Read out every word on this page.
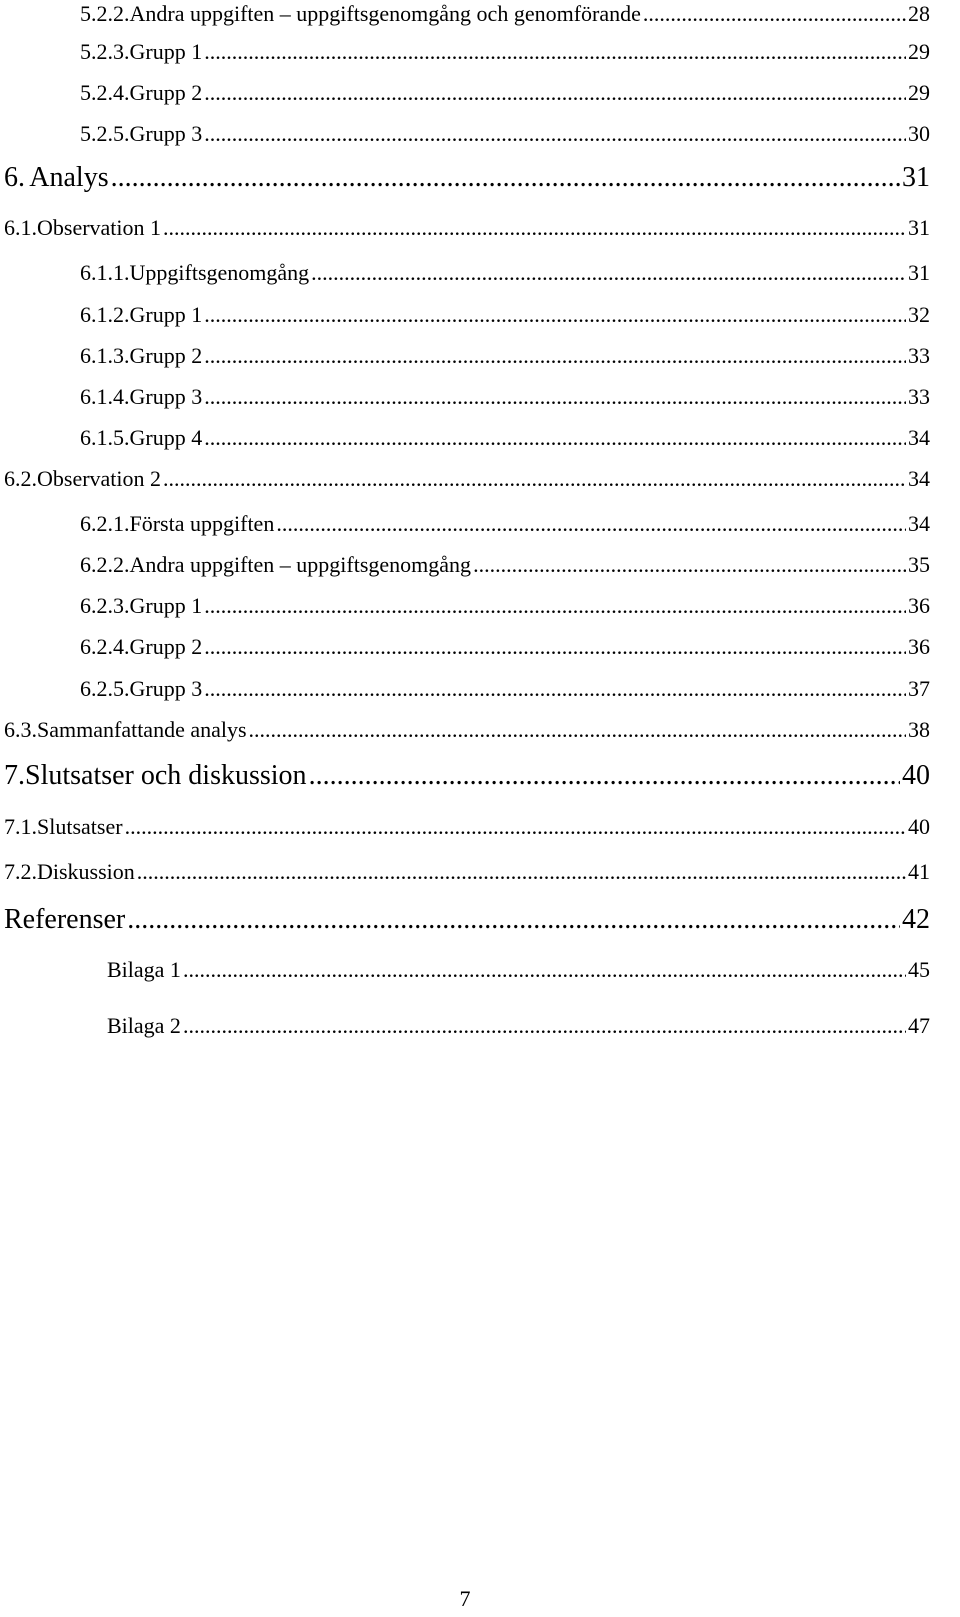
5.2.2. Andra uppgiften – uppgiftsgenomgång och genomförande .....	28
5.2.3. Grupp 1 .....	29
5.2.4. Grupp 2 .....	29
5.2.5. Grupp 3 .....	30
6. Analys .....	31
6.1. Observation 1 .....	31
6.1.1. Uppgiftsgenomgång .....	31
6.1.2. Grupp 1 .....	32
6.1.3. Grupp 2 .....	33
6.1.4. Grupp 3 .....	33
6.1.5. Grupp 4 .....	34
6.2. Observation 2 .....	34
6.2.1. Första uppgiften .....	34
6.2.2. Andra uppgiften – uppgiftsgenomgång .....	35
6.2.3. Grupp 1 .....	36
6.2.4. Grupp 2 .....	36
6.2.5. Grupp 3 .....	37
6.3. Sammanfattande analys .....	38
7. Slutsatser och diskussion .....	40
7.1. Slutsatser .....	40
7.2. Diskussion .....	41
Referenser .....	42
Bilaga 1 .....	45
Bilaga 2 .....	47
7
